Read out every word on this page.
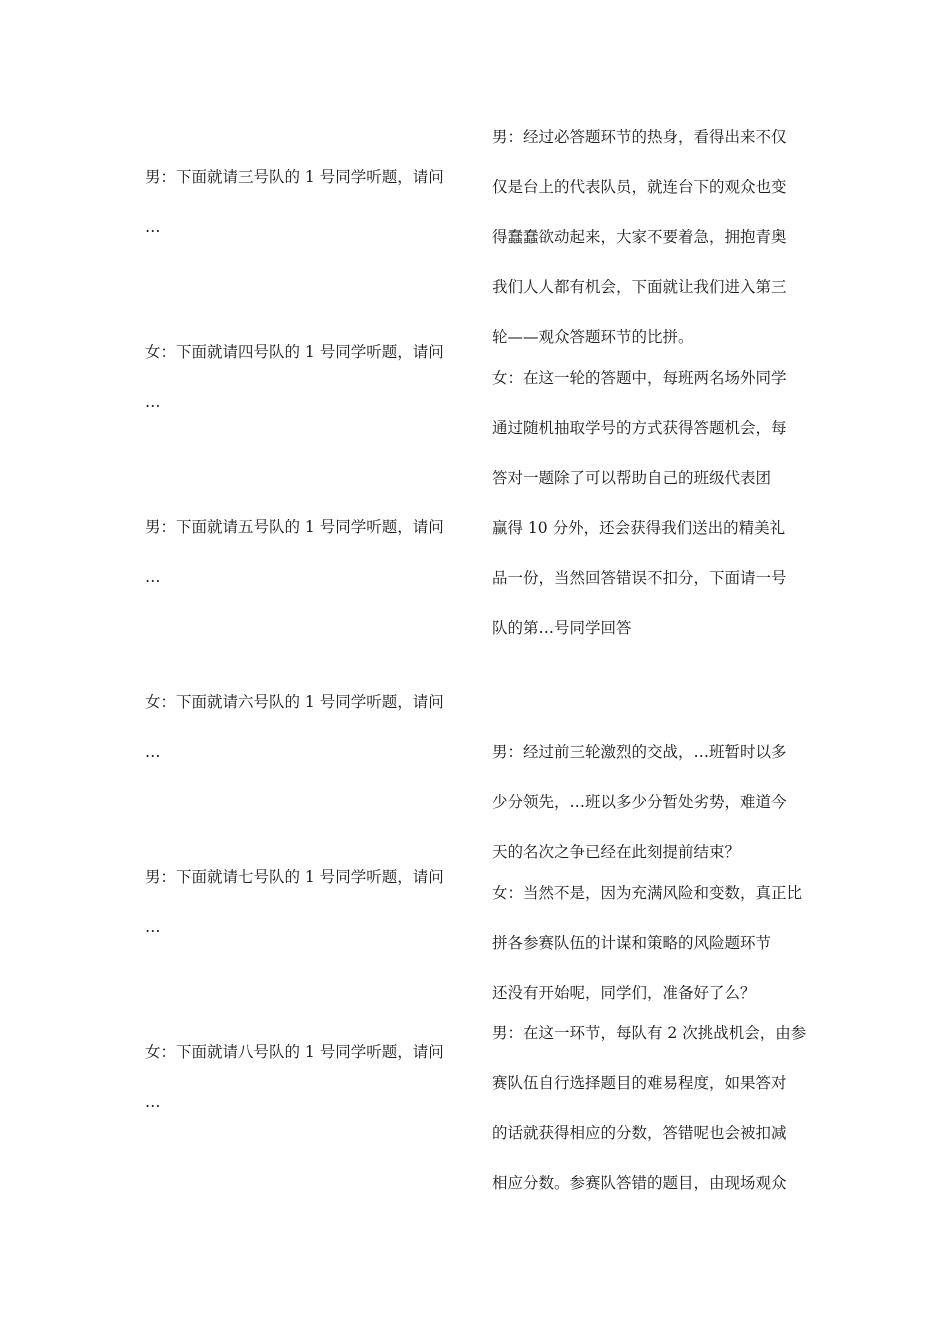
男：下面就请三号队的 1 号同学听题，请问
…
女：下面就请四号队的 1 号同学听题，请问
…
男：下面就请五号队的 1 号同学听题，请问
…
女：下面就请六号队的 1 号同学听题，请问
…
男：下面就请七号队的 1 号同学听题，请问
…
女：下面就请八号队的 1 号同学听题，请问
…
男：经过必答题环节的热身，看得出来不仅
仅是台上的代表队员，就连台下的观众也变
得蠢蠢欲动起来，大家不要着急，拥抱青奥
我们人人都有机会，下面就让我们进入第三
轮——观众答题环节的比拼。
女：在这一轮的答题中，每班两名场外同学
通过随机抽取学号的方式获得答题机会，每
答对一题除了可以帮助自己的班级代表团
赢得 10 分外，还会获得我们送出的精美礼
品一份，当然回答错误不扣分，下面请一号
队的第…号同学回答
男：经过前三轮激烈的交战，…班暂时以多
少分领先，…班以多少分暂处劣势，难道今
天的名次之争已经在此刻提前结束？
女：当然不是，因为充满风险和变数，真正比
拼各参赛队伍的计谋和策略的风险题环节
还没有开始呢，同学们，准备好了么？
男：在这一环节，每队有 2 次挑战机会，由参
赛队伍自行选择题目的难易程度，如果答对
的话就获得相应的分数，答错呢也会被扣减
相应分数。参赛队答错的题目，由现场观众
